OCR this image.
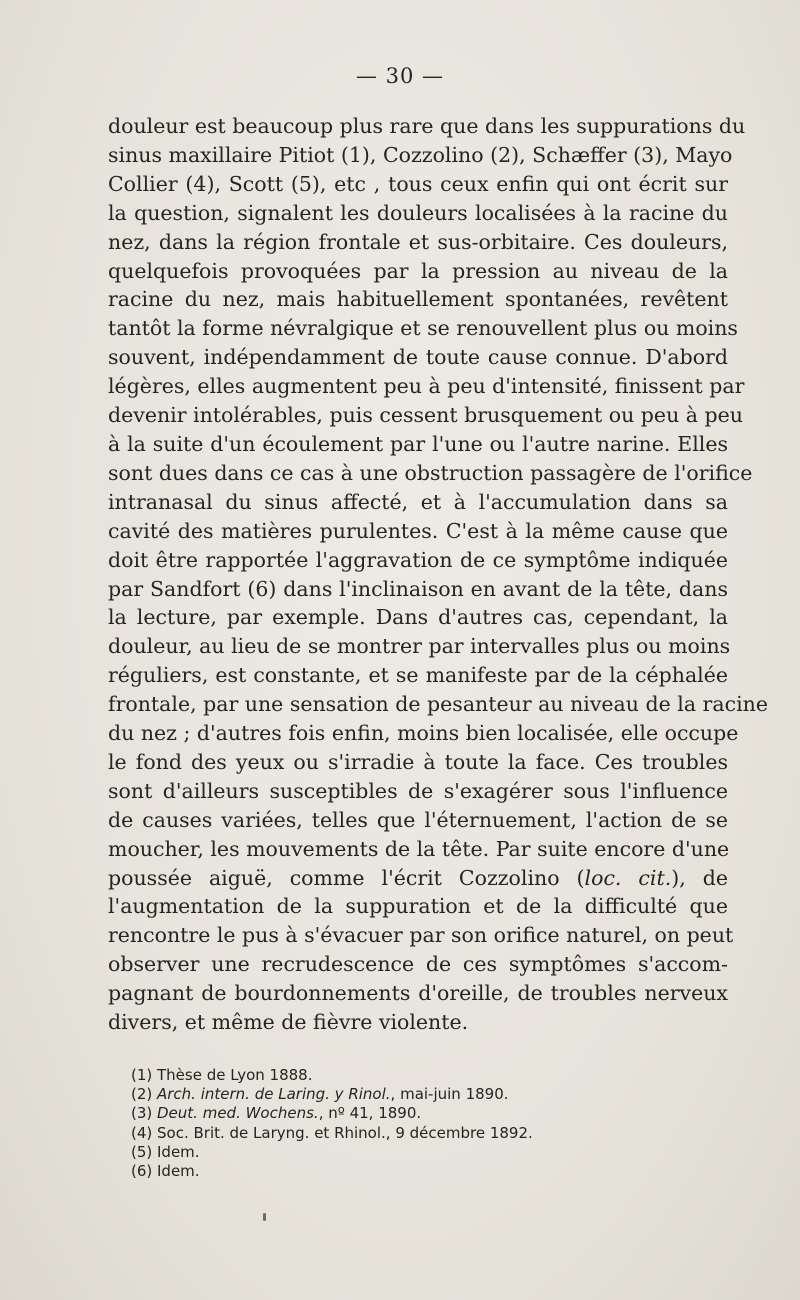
— 30 —
douleur est beaucoup plus rare que dans les suppurations du
sinus maxillaire Pitiot (1), Cozzolino (2), Schæffer (3), Mayo
Collier (4), Scott (5), etc , tous ceux enfin qui ont écrit sur
la question, signalent les douleurs localisées à la racine du
nez, dans la région frontale et sus-orbitaire. Ces douleurs,
quelquefois provoquées par la pression au niveau de la
racine du nez, mais habituellement spontanées, revêtent
tantôt la forme névralgique et se renouvellent plus ou moins
souvent, indépendamment de toute cause connue. D'abord
légères, elles augmentent peu à peu d'intensité, finissent par
devenir intolérables, puis cessent brusquement ou peu à peu
à la suite d'un écoulement par l'une ou l'autre narine. Elles
sont dues dans ce cas à une obstruction passagère de l'orifice
intranasal du sinus affecté, et à l'accumulation dans sa
cavité des matières purulentes. C'est à la même cause que
doit être rapportée l'aggravation de ce symptôme indiquée
par Sandfort (6) dans l'inclinaison en avant de la tête, dans
la lecture, par exemple. Dans d'autres cas, cependant, la
douleur, au lieu de se montrer par intervalles plus ou moins
réguliers, est constante, et se manifeste par de la céphalée
frontale, par une sensation de pesanteur au niveau de la racine
du nez ; d'autres fois enfin, moins bien localisée, elle occupe
le fond des yeux ou s'irradie à toute la face. Ces troubles
sont d'ailleurs susceptibles de s'exagérer sous l'influence
de causes variées, telles que l'éternuement, l'action de se
moucher, les mouvements de la tête. Par suite encore d'une
poussée aiguë, comme l'écrit Cozzolino (loc. cit.), de
l'augmentation de la suppuration et de la difficulté que
rencontre le pus à s'évacuer par son orifice naturel, on peut
observer une recrudescence de ces symptômes s'accom-
pagnant de bourdonnements d'oreille, de troubles nerveux
divers, et même de fièvre violente.
(1) Thèse de Lyon 1888.
(2) Arch. intern. de Laring. y Rinol., mai-juin 1890.
(3) Deut. med. Wochens., nº 41, 1890.
(4) Soc. Brit. de Laryng. et Rhinol., 9 décembre 1892.
(5) Idem.
(6) Idem.
